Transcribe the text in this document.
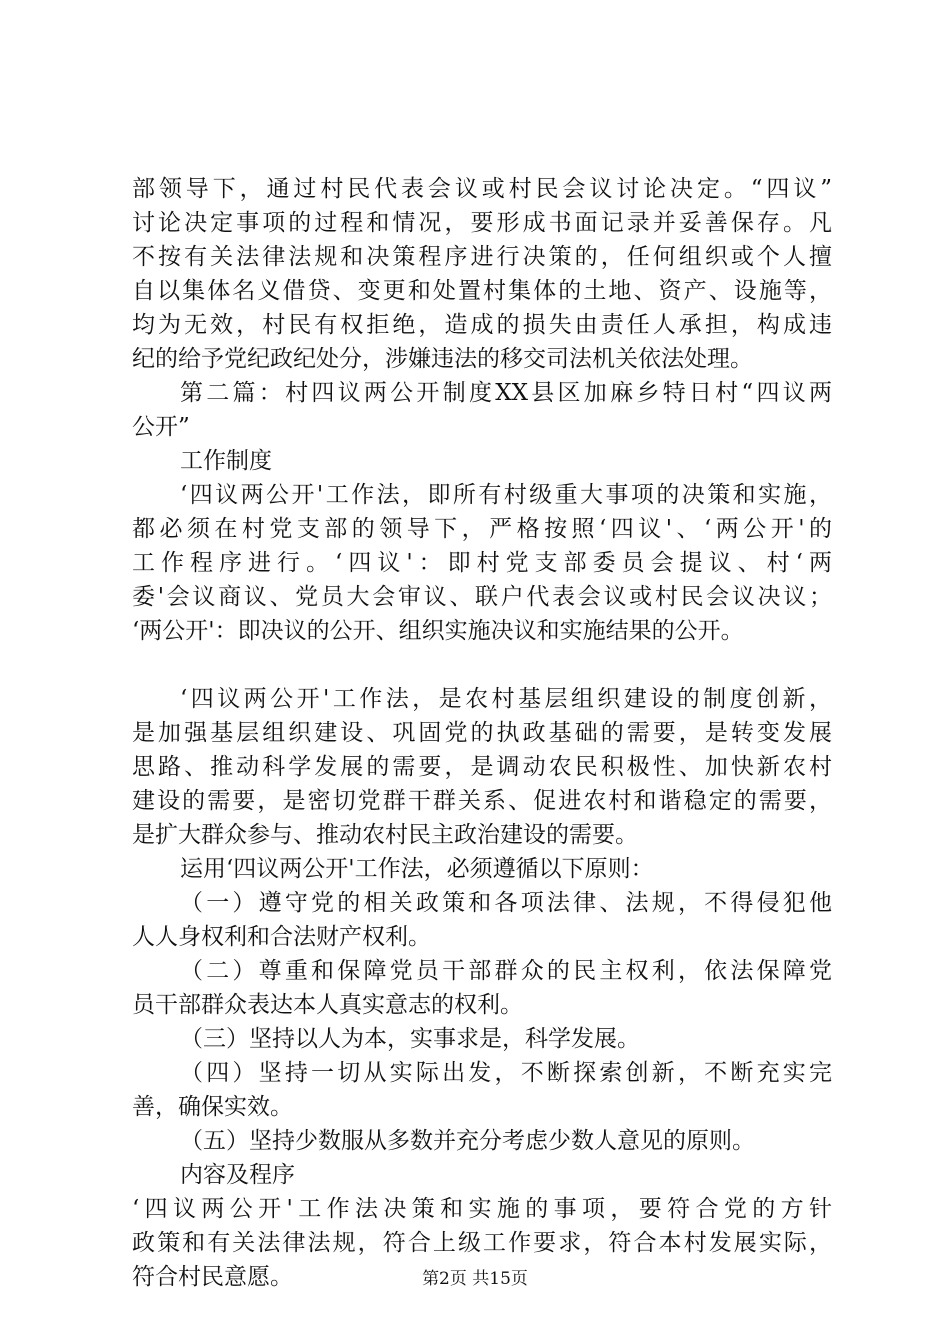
部领导下，通过村民代表会议或村民会议讨论决定。“四议”
讨论决定事项的过程和情况，要形成书面记录并妥善保存。凡
不按有关法律法规和决策程序进行决策的，任何组织或个人擅
自以集体名义借贷、变更和处置村集体的土地、资产、设施等，
均为无效，村民有权拒绝，造成的损失由责任人承担，构成违
纪的给予党纪政纪处分，涉嫌违法的移交司法机关依法处理。
第二篇：村四议两公开制度XX县区加麻乡特日村“四议两
公开”
工作制度
‘四议两公开'工作法，即所有村级重大事项的决策和实施，
都必须在村党支部的领导下，严格按照‘四议'、‘两公开'的
工作程序进行。‘四议'：即村党支部委员会提议、村‘两
委'会议商议、党员大会审议、联户代表会议或村民会议决议；
‘两公开'：即决议的公开、组织实施决议和实施结果的公开。
‘四议两公开'工作法，是农村基层组织建设的制度创新，
是加强基层组织建设、巩固党的执政基础的需要，是转变发展
思路、推动科学发展的需要，是调动农民积极性、加快新农村
建设的需要，是密切党群干群关系、促进农村和谐稳定的需要，
是扩大群众参与、推动农村民主政治建设的需要。
运用‘四议两公开'工作法，必须遵循以下原则：
（一）遵守党的相关政策和各项法律、法规，不得侵犯他
人人身权利和合法财产权利。
（二）尊重和保障党员干部群众的民主权利，依法保障党
员干部群众表达本人真实意志的权利。
（三）坚持以人为本，实事求是，科学发展。
（四）坚持一切从实际出发，不断探索创新，不断充实完
善，确保实效。
（五）坚持少数服从多数并充分考虑少数人意见的原则。
内容及程序
‘四议两公开'工作法决策和实施的事项，要符合党的方针
政策和有关法律法规，符合上级工作要求，符合本村发展实际，
符合村民意愿。	第2页 共15页
